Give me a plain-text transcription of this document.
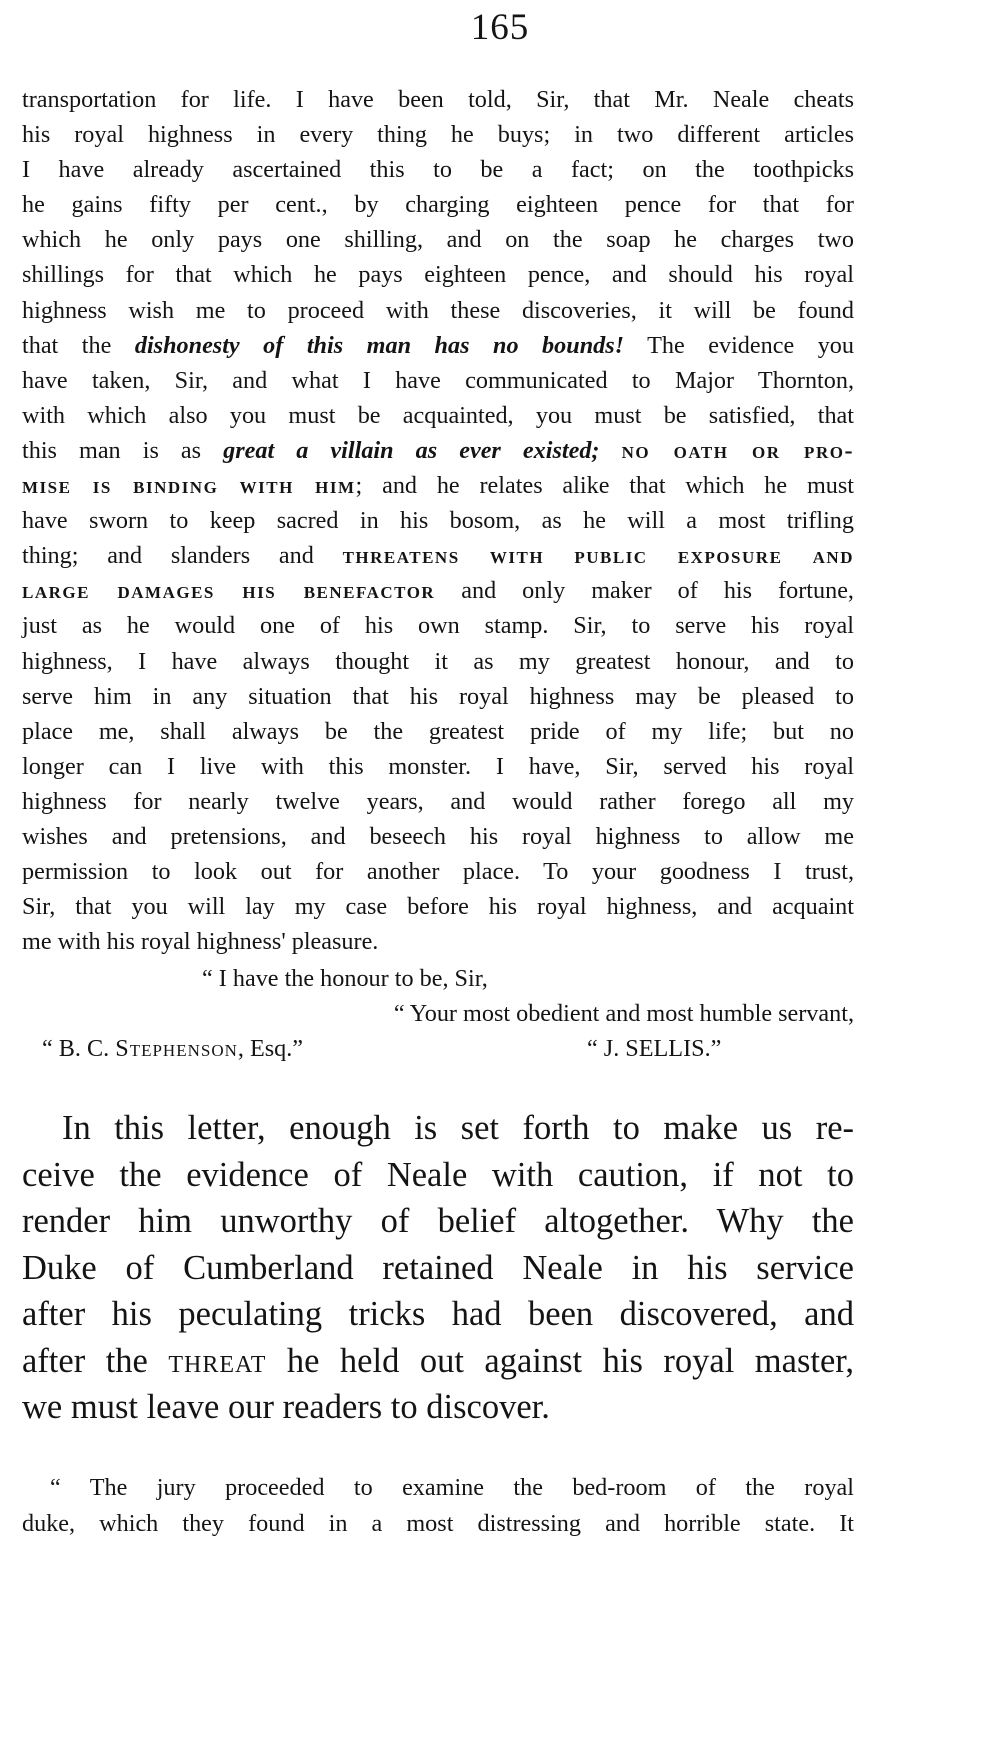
165
transportation for life. I have been told, Sir, that Mr. Neale cheats
his royal highness in every thing he buys; in two different articles
I have already ascertained this to be a fact; on the toothpicks
he gains fifty per cent., by charging eighteen pence for that for
which he only pays one shilling, and on the soap he charges two
shillings for that which he pays eighteen pence, and should his royal
highness wish me to proceed with these discoveries, it will be found
that the dishonesty of this man has no bounds! The evidence you
have taken, Sir, and what I have communicated to Major Thornton,
with which also you must be acquainted, you must be satisfied, that
this man is as great a villain as ever existed; no oath or pro-
mise is binding with him; and he relates alike that which he must
have sworn to keep sacred in his bosom, as he will a most trifling
thing; and slanders and threatens with public exposure and
large damages his benefactor and only maker of his fortune,
just as he would one of his own stamp. Sir, to serve his royal
highness, I have always thought it as my greatest honour, and to
serve him in any situation that his royal highness may be pleased to
place me, shall always be the greatest pride of my life; but no
longer can I live with this monster. I have, Sir, served his royal
highness for nearly twelve years, and would rather forego all my
wishes and pretensions, and beseech his royal highness to allow me
permission to look out for another place. To your goodness I trust,
Sir, that you will lay my case before his royal highness, and acquaint
me with his royal highness' pleasure.
“ I have the honour to be, Sir,
“ Your most obedient and most humble servant,
“ B. C. Stephenson, Esq.”	“ J. SELLIS.”
In this letter, enough is set forth to make us re-
ceive the evidence of Neale with caution, if not to
render him unworthy of belief altogether. Why the
Duke of Cumberland retained Neale in his service
after his peculating tricks had been discovered, and
after the threat he held out against his royal master,
we must leave our readers to discover.
“ The jury proceeded to examine the bed-room of the royal
duke, which they found in a most distressing and horrible state. It
